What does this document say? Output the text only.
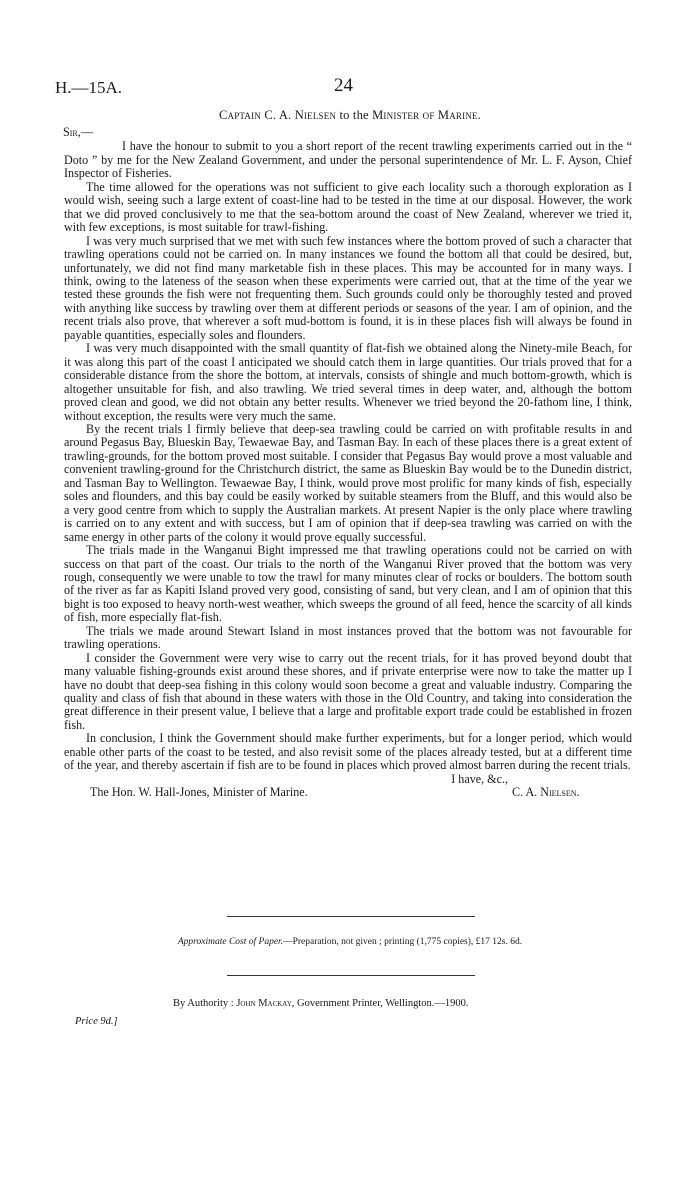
H.—15A.	24
Captain C. A. Nielsen to the Minister of Marine.
Sir,—

I have the honour to submit to you a short report of the recent trawling experiments carried out in the “ Doto ” by me for the New Zealand Government, and under the personal superintendence of Mr. L. F. Ayson, Chief Inspector of Fisheries.

The time allowed for the operations was not sufficient to give each locality such a thorough exploration as I would wish, seeing such a large extent of coast-line had to be tested in the time at our disposal. However, the work that we did proved conclusively to me that the sea-bottom around the coast of New Zealand, wherever we tried it, with few exceptions, is most suitable for trawl-fishing.

I was very much surprised that we met with such few instances where the bottom proved of such a character that trawling operations could not be carried on. In many instances we found the bottom all that could be desired, but, unfortunately, we did not find many marketable fish in these places. This may be accounted for in many ways. I think, owing to the lateness of the season when these experiments were carried out, that at the time of the year we tested these grounds the fish were not frequenting them. Such grounds could only be thoroughly tested and proved with anything like success by trawling over them at different periods or seasons of the year. I am of opinion, and the recent trials also prove, that wherever a soft mud-bottom is found, it is in these places fish will always be found in payable quantities, especially soles and flounders.

I was very much disappointed with the small quantity of flat-fish we obtained along the Ninety-mile Beach, for it was along this part of the coast I anticipated we should catch them in large quantities. Our trials proved that for a considerable distance from the shore the bottom, at intervals, consists of shingle and much bottom-growth, which is altogether unsuitable for fish, and also trawling. We tried several times in deep water, and, although the bottom proved clean and good, we did not obtain any better results. Whenever we tried beyond the 20-fathom line, I think, without exception, the results were very much the same.

By the recent trials I firmly believe that deep-sea trawling could be carried on with profitable results in and around Pegasus Bay, Blueskin Bay, Tewaewae Bay, and Tasman Bay. In each of these places there is a great extent of trawling-grounds, for the bottom proved most suitable. I consider that Pegasus Bay would prove a most valuable and convenient trawling-ground for the Christchurch district, the same as Blueskin Bay would be to the Dunedin district, and Tasman Bay to Wellington. Tewaewae Bay, I think, would prove most prolific for many kinds of fish, especially soles and flounders, and this bay could be easily worked by suitable steamers from the Bluff, and this would also be a very good centre from which to supply the Australian markets. At present Napier is the only place where trawling is carried on to any extent and with success, but I am of opinion that if deep-sea trawling was carried on with the same energy in other parts of the colony it would prove equally successful.

The trials made in the Wanganui Bight impressed me that trawling operations could not be carried on with success on that part of the coast. Our trials to the north of the Wanganui River proved that the bottom was very rough, consequently we were unable to tow the trawl for many minutes clear of rocks or boulders. The bottom south of the river as far as Kapiti Island proved very good, consisting of sand, but very clean, and I am of opinion that this bight is too exposed to heavy north-west weather, which sweeps the ground of all feed, hence the scarcity of all kinds of fish, more especially flat-fish.

The trials we made around Stewart Island in most instances proved that the bottom was not favourable for trawling operations.

I consider the Government were very wise to carry out the recent trials, for it has proved beyond doubt that many valuable fishing-grounds exist around these shores, and if private enterprise were now to take the matter up I have no doubt that deep-sea fishing in this colony would soon become a great and valuable industry. Comparing the quality and class of fish that abound in these waters with those in the Old Country, and taking into consideration the great difference in their present value, I believe that a large and profitable export trade could be established in frozen fish.

In conclusion, I think the Government should make further experiments, but for a longer period, which would enable other parts of the coast to be tested, and also revisit some of the places already tested, but at a different time of the year, and thereby ascertain if fish are to be found in places which proved almost barren during the recent trials.

I have, &c.,
The Hon. W. Hall-Jones, Minister of Marine.	C. A. Nielsen.
Approximate Cost of Paper.—Preparation, not given ; printing (1,775 copies), £17 12s. 6d.
By Authority : John Mackay, Government Printer, Wellington.—1900.
Price 9d.]
